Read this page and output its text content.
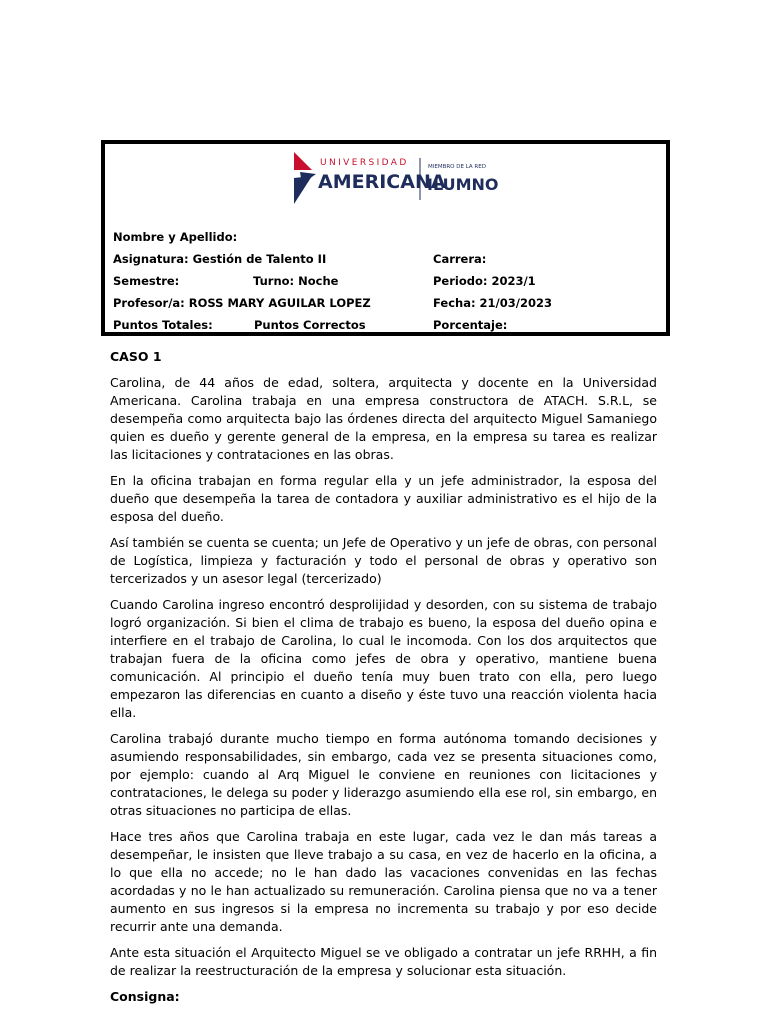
UNIVERSIDAD
AMERICANA
MIEMBRO DE LA RED
ILUMNO
Nombre y Apellido:
Asignatura: Gestión de Talento II	Carrera:
Semestre:	Turno: Noche	Periodo: 2023/1
Profesor/a: ROSS MARY AGUILAR LOPEZ	Fecha: 21/03/2023
Puntos Totales:	Puntos Correctos	Porcentaje:
CASO 1

Carolina, de 44 años de edad, soltera, arquitecta y docente en la Universidad Americana. Carolina trabaja en una empresa constructora de ATACH. S.R.L, se desempeña como arquitecta bajo las órdenes directa del arquitecto Miguel Samaniego quien es dueño y gerente general de la empresa, en la empresa su tarea es realizar las licitaciones y contrataciones en las obras.

En la oficina trabajan en forma regular ella y un jefe administrador, la esposa del dueño que desempeña la tarea de contadora y auxiliar administrativo es el hijo de la esposa del dueño.

Así también se cuenta se cuenta; un Jefe de Operativo y un jefe de obras, con personal de Logística, limpieza y facturación y todo el personal de obras y operativo son tercerizados y un asesor legal (tercerizado)

Cuando Carolina ingreso encontró desprolijidad y desorden, con su sistema de trabajo logró organización. Si bien el clima de trabajo es bueno, la esposa del dueño opina e interfiere en el trabajo de Carolina, lo cual le incomoda. Con los dos arquitectos que trabajan fuera de la oficina como jefes de obra y operativo, mantiene buena comunicación. Al principio el dueño tenía muy buen trato con ella, pero luego empezaron las diferencias en cuanto a diseño y éste tuvo una reacción violenta hacia ella.

Carolina trabajó durante mucho tiempo en forma autónoma tomando decisiones y asumiendo responsabilidades, sin embargo, cada vez se presenta situaciones como, por ejemplo: cuando al Arq Miguel le conviene en reuniones con licitaciones y contrataciones, le delega su poder y liderazgo asumiendo ella ese rol, sin embargo, en otras situaciones no participa de ellas.

Hace tres años que Carolina trabaja en este lugar, cada vez le dan más tareas a desempeñar, le insisten que lleve trabajo a su casa, en vez de hacerlo en la oficina, a lo que ella no accede; no le han dado las vacaciones convenidas en las fechas acordadas y no le han actualizado su remuneración. Carolina piensa que no va a tener aumento en sus ingresos si la empresa no incrementa su trabajo y por eso decide recurrir ante una demanda.

Ante esta situación el Arquitecto Miguel se ve obligado a contratar un jefe RRHH, a fin de realizar la reestructuración de la empresa y solucionar esta situación.

Consigna:
